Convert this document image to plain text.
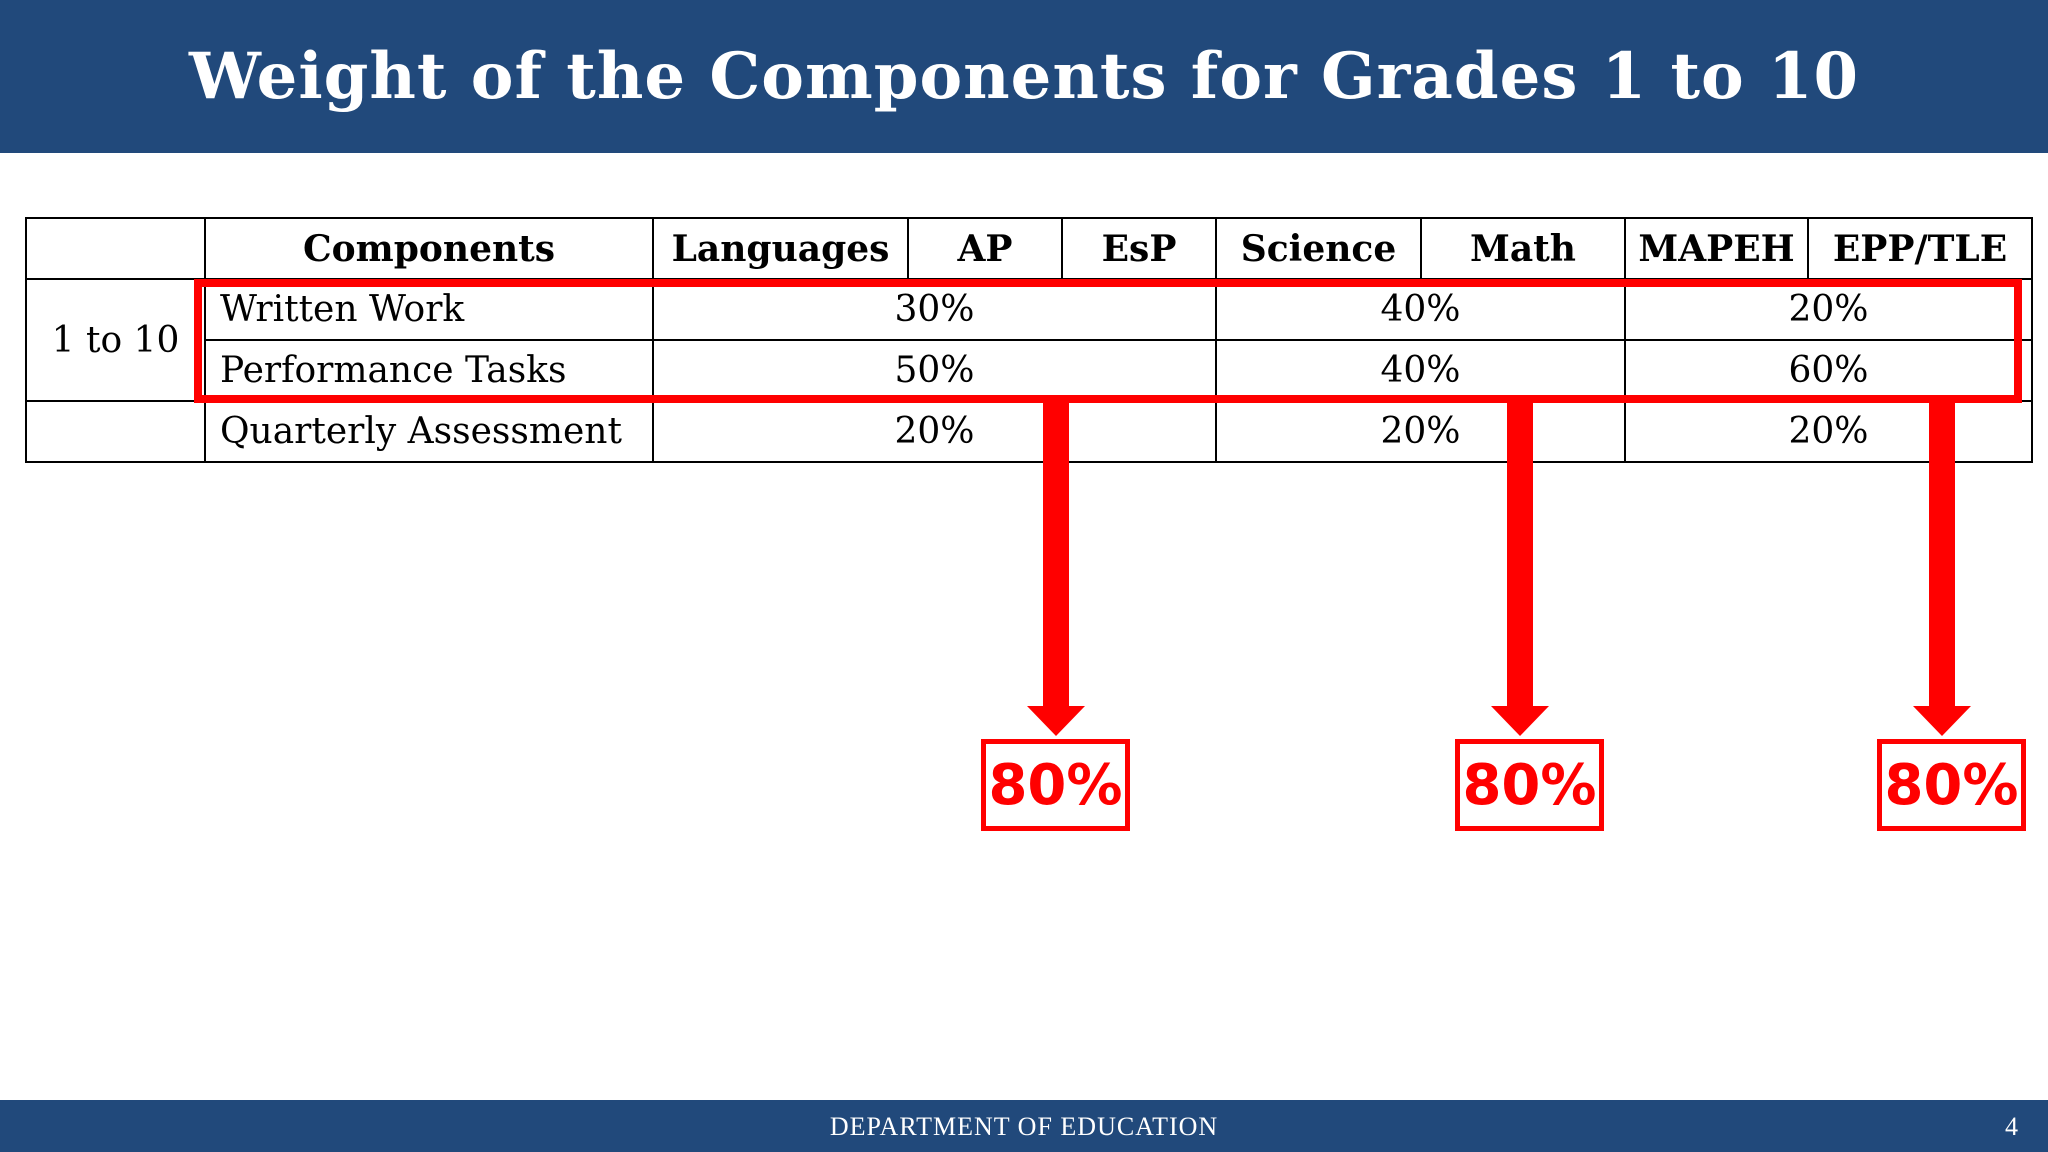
Weight of the Components for Grades 1 to 10
	Components	Languages	AP	EsP	Science	Math	MAPEH	EPP/TLE
1 to 10	Written Work	30%			40%		20%	
	Performance Tasks	50%			40%		60%	
	Quarterly Assessment	20%			20%		20%	
80%	80%	80%
DEPARTMENT OF EDUCATION	4
